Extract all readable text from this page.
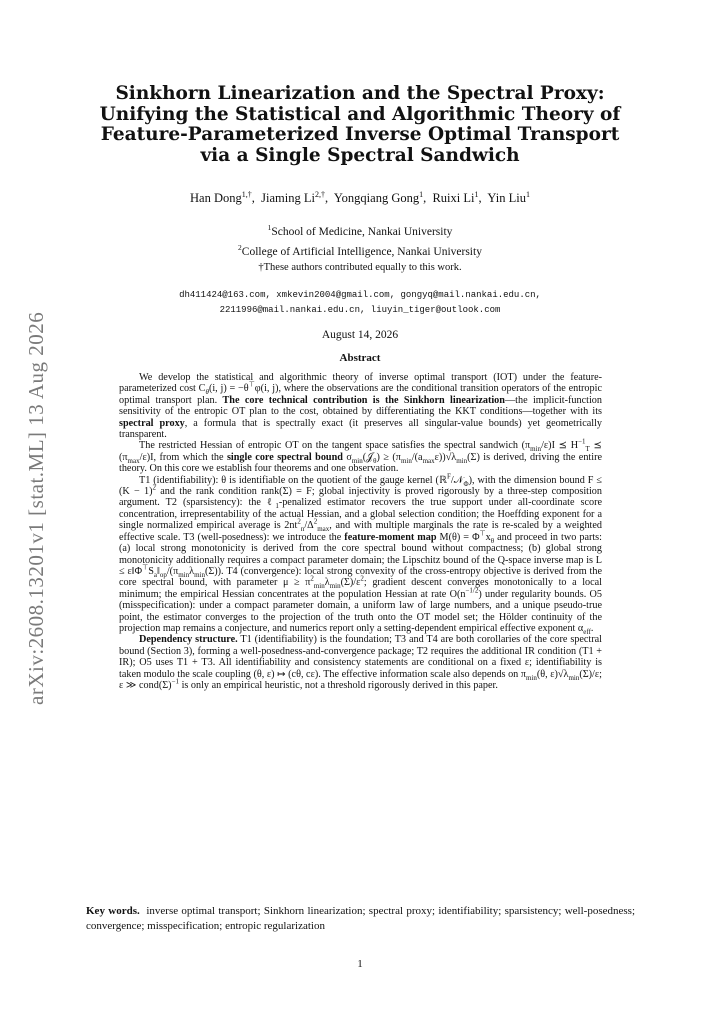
arXiv:2608.13201v1 [stat.ML] 13 Aug 2026
Sinkhorn Linearization and the Spectral Proxy:
Unifying the Statistical and Algorithmic Theory of
Feature-Parameterized Inverse Optimal Transport
via a Single Spectral Sandwich
Han Dong$^{1,\dagger}$,  Jiaming $Li^{2,\dagger}$,  Yongqiang Gong$^1$,  Ruixi Li$^1$,  Yin Liu$^1$
$^1$School of Medicine, Nankai University
$^2$College of Artificial Intelligence, Nankai University
†These authors contributed equally to this work.
dh411424@163.com, xmkevin2004@gmail.com, gongyq@mail.nankai.edu.cn,
2211996@mail.nankai.edu.cn, liuyin_tiger@outlook.com
August 14, 2026
Abstract

We develop the statistical and algorithmic theory of inverse optimal transport (IOT) under the feature-parameterized cost $C_\theta(i$, j) = −θ⊤φ(i, j), where the observations are the conditional transition operators of the entropic optimal transport plan. The core technical contribution is the Sinkhorn linearization—the implicit-function sensitivity of the entropic OT plan to the cost, obtained by differentiating the KKT conditions—together with its spectral proxy, a formula that is spectrally exact (it preserves all singular-value bounds) yet geometrically transparent.

The restricted Hessian of entropic OT on the tangent space satisfies the spectral sandwich $(\pi_{min}/\varepsilon)I$ ⪯ $H^{-1}_T$ ⪯ $(\pi_{max}/\varepsilon)I$, from which the single core spectral bound $\sigma_{min}(𝒥_\theta) \ge (\pi_{min}/(a_{max}\varepsilon))√\lambda_{min}(\Sigma)$ is derived, driving the entire theory. On this core we establish four theorems and one observation.

T1 (identifiability): θ is identifiable on the quotient of the gauge kernel (ℝ$^F$/𝒩$_\Phi$), with the dimension bound $F \le (K - 1)^2$ and the rank condition rank(Σ) = F; global injectivity is proved rigorously by a three-step composition argument. T2 (sparsistency): the ℓ$_1$-penalized estimator recovers the true support under all-coordinate score concentration, irrepresentability of the actual Hessian, and a global selection condition; the Hoeffding exponent for a single normalized empirical average is $2nt^2_n/\Delta^2_{max}$, and with multiple marginals the rate is re-scaled by a weighted effective scale. T3 (well-posedness): we introduce the feature-moment map $M(\theta) = \Phi^⊤x_\theta$ and proceed in two parts: (a) local strong monotonicity is derived from the core spectral bound without compactness; (b) global strong monotonicity additionally requires a compact parameter domain; the Lipschitz bound of the Q-space inverse map is $L \le \varepsilon‖\Phi^⊤S_a‖_{op}/(\pi_{min}\lambda_{min}(\Sigma))$. T4 (convergence): local strong convexity of the cross-entropy objective is derived from the core spectral bound, with parameter $\mu \ge \pi^2_{min}\lambda_{min}(\Sigma)/\varepsilon^2$; gradient descent converges monotonically to a local minimum; the empirical Hessian concentrates at the population Hessian at rate $O(n^{-1/2})$ under regularity bounds. O5 (misspecification): under a compact parameter domain, a uniform law of large numbers, and a unique pseudo-true point, the estimator converges to the projection of the truth onto the OT model set; the Hölder continuity of the projection map remains a conjecture, and numerics report only a setting-dependent empirical effective exponent $\alpha_{eff}$.

Dependency structure. T1 (identifiability) is the foundation; T3 and T4 are both corollaries of the core spectral bound (Section 3), forming a well-posedness-and-convergence package; T2 requires the additional IR condition (T1 + IR); O5 uses T1 + T3. All identifiability and consistency statements are conditional on a fixed ε; identifiability is taken modulo the scale coupling (θ, ε) ↦ (cθ, cε). The effective information scale also depends on $\pi_{min}(\theta$, $\varepsilon)√\lambda_{min}(\Sigma)/\varepsilon$; ε ≫ $cond(\Sigma)^{-1}$ is only an empirical heuristic, not a threshold rigorously derived in this paper.

Key words. inverse optimal transport; Sinkhorn linearization; spectral proxy; identifiability; sparsistency; well-posedness; convergence; misspecification; entropic regularization
1
